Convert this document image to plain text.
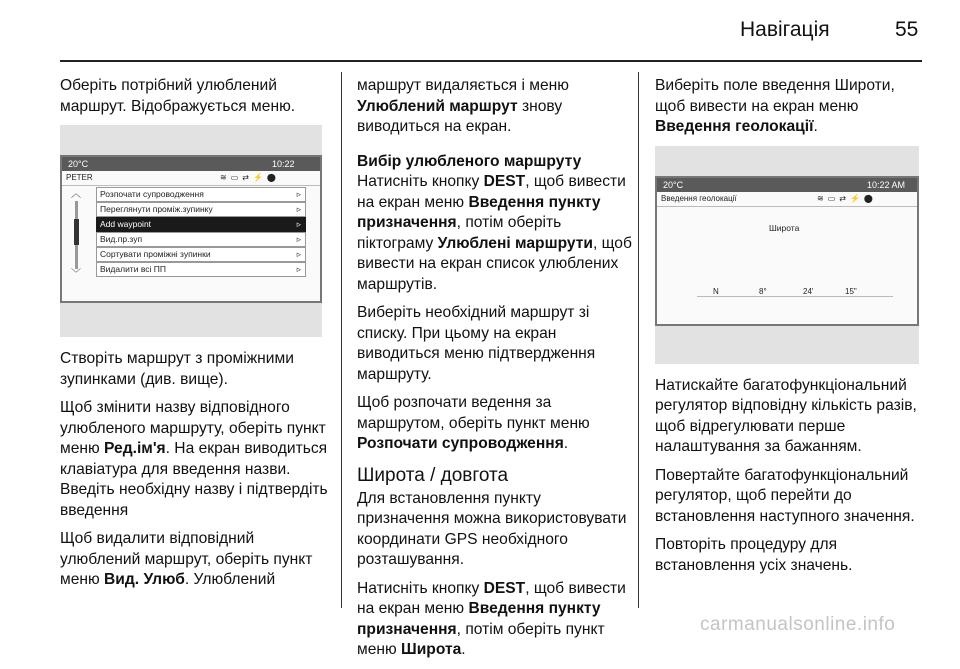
Навігація	55

Оберіть потрібний улюблений маршрут. Відображується меню.

20°C	10:22
PETER	≋▭⇄⚡⬤
︿
﹀
Розпочати супроводження	▹
Переглянути проміж.зупинку	▹
Add waypoint	▹
Вид.пр.зуп	▹
Сортувати проміжні зупинки	▹
Видалити всі ПП	▹

Створіть маршрут з проміжними зупинками (див. вище).

Щоб змінити назву відповідного улюбленого маршруту, оберіть пункт меню Ред.ім'я. На екран виводиться клавіатура для введення назви. Введіть необхідну назву і підтвердіть введення

Щоб видалити відповідний улюблений маршрут, оберіть пункт меню Вид. Улюб. Улюблений

маршрут видаляється і меню Улюблений маршрут знову виводиться на екран.

Вибір улюбленого маршруту

Натисніть кнопку DEST, щоб вивести на екран меню Введення пункту призначення, потім оберіть піктограму Улюблені маршрути, щоб вивести на екран список улюблених маршрутів.

Виберіть необхідний маршрут зі списку. При цьому на екран виводиться меню підтвердження маршруту.

Щоб розпочати ведення за маршрутом, оберіть пункт меню Розпочати супроводження.

Широта / довгота

Для встановлення пункту призначення можна використовувати координати GPS необхідного розташування.

Натисніть кнопку DEST, щоб вивести на екран меню Введення пункту призначення, потім оберіть пункт меню Широта.

Виберіть поле введення Широти, щоб вивести на екран меню Введення геолокації.

20°C	10:22 AM
Введення геолокації	≋▭⇄⚡⬤
Широта
N	8°	24'	15"

Натискайте багатофункціональний регулятор відповідну кількість разів, щоб відрегулювати перше налаштування за бажанням.

Повертайте багатофункціональний регулятор, щоб перейти до встановлення наступного значення.

Повторіть процедуру для встановлення усіх значень.

carmanualsonline.info
